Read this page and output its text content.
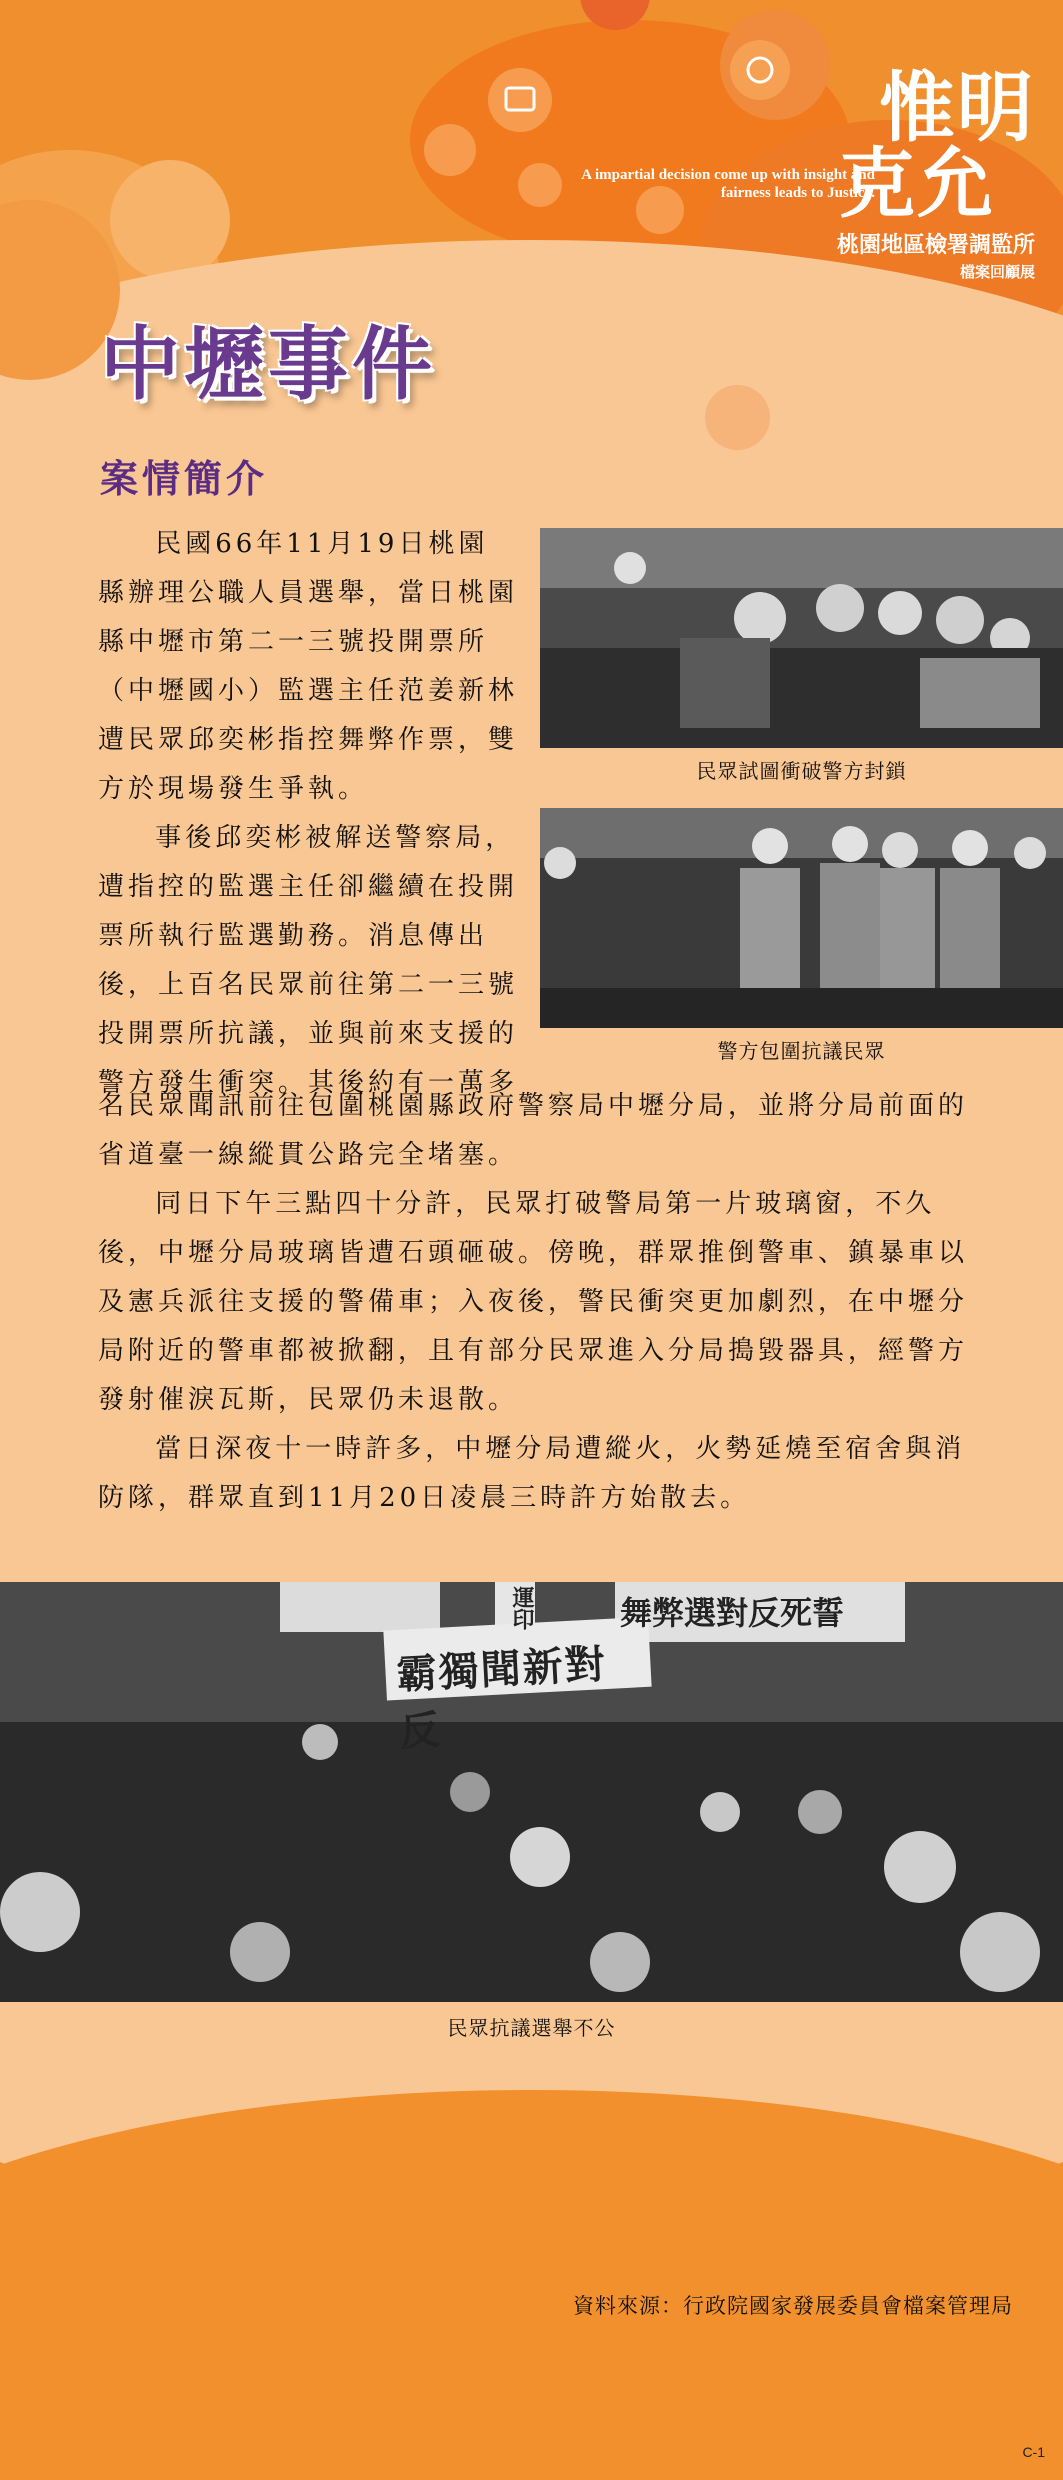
A impartial decision come up with insight and fairness leads to Justice.
惟明
克允
桃園地區檢署調監所
檔案回顧展
中壢事件
案情簡介

民國66年11月19日桃園縣辦理公職人員選舉，當日桃園縣中壢市第二一三號投開票所（中壢國小）監選主任范姜新林遭民眾邱奕彬指控舞弊作票，雙方於現場發生爭執。

事後邱奕彬被解送警察局，遭指控的監選主任卻繼續在投開票所執行監選勤務。消息傳出後，上百名民眾前往第二一三號投開票所抗議，並與前來支援的警方發生衝突。其後約有一萬多

名民眾聞訊前往包圍桃園縣政府警察局中壢分局，並將分局前面的省道臺一線縱貫公路完全堵塞。

同日下午三點四十分許，民眾打破警局第一片玻璃窗，不久後，中壢分局玻璃皆遭石頭砸破。傍晚，群眾推倒警車、鎮暴車以及憲兵派往支援的警備車；入夜後，警民衝突更加劇烈，在中壢分局附近的警車都被掀翻，且有部分民眾進入分局搗毀器具，經警方發射催淚瓦斯，民眾仍未退散。

當日深夜十一時許多，中壢分局遭縱火，火勢延燒至宿舍與消防隊，群眾直到11月20日凌晨三時許方始散去。

民眾試圖衝破警方封鎖
警方包圍抗議民眾
霸獨聞新對反
運印	舞弊選對反死誓
民眾抗議選舉不公
資料來源：行政院國家發展委員會檔案管理局
C-1
